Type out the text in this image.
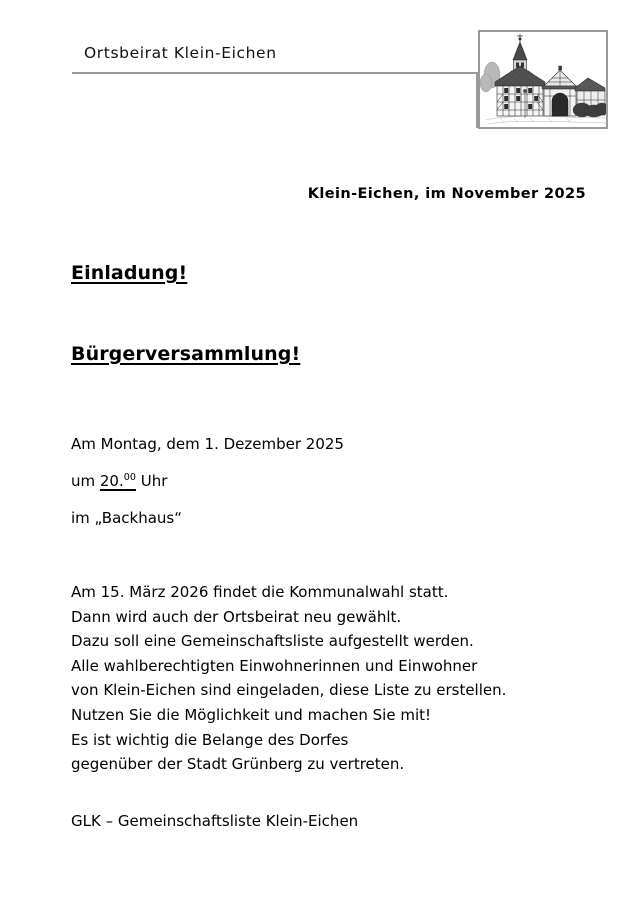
Ortsbeirat Klein-Eichen
Klein-Eichen, im November 2025
Einladung!
Bürgerversammlung!
Am Montag, dem 1. Dezember 2025
um 20.00 Uhr
im „Backhaus“
Am 15. März 2026 findet die Kommunalwahl statt.
Dann wird auch der Ortsbeirat neu gewählt.
Dazu soll eine Gemeinschaftsliste aufgestellt werden.
Alle wahlberechtigten Einwohnerinnen und Einwohner
von Klein-Eichen sind eingeladen, diese Liste zu erstellen.
Nutzen Sie die Möglichkeit und machen Sie mit!
Es ist wichtig die Belange des Dorfes
gegenüber der Stadt Grünberg zu vertreten.
GLK – Gemeinschaftsliste Klein-Eichen
